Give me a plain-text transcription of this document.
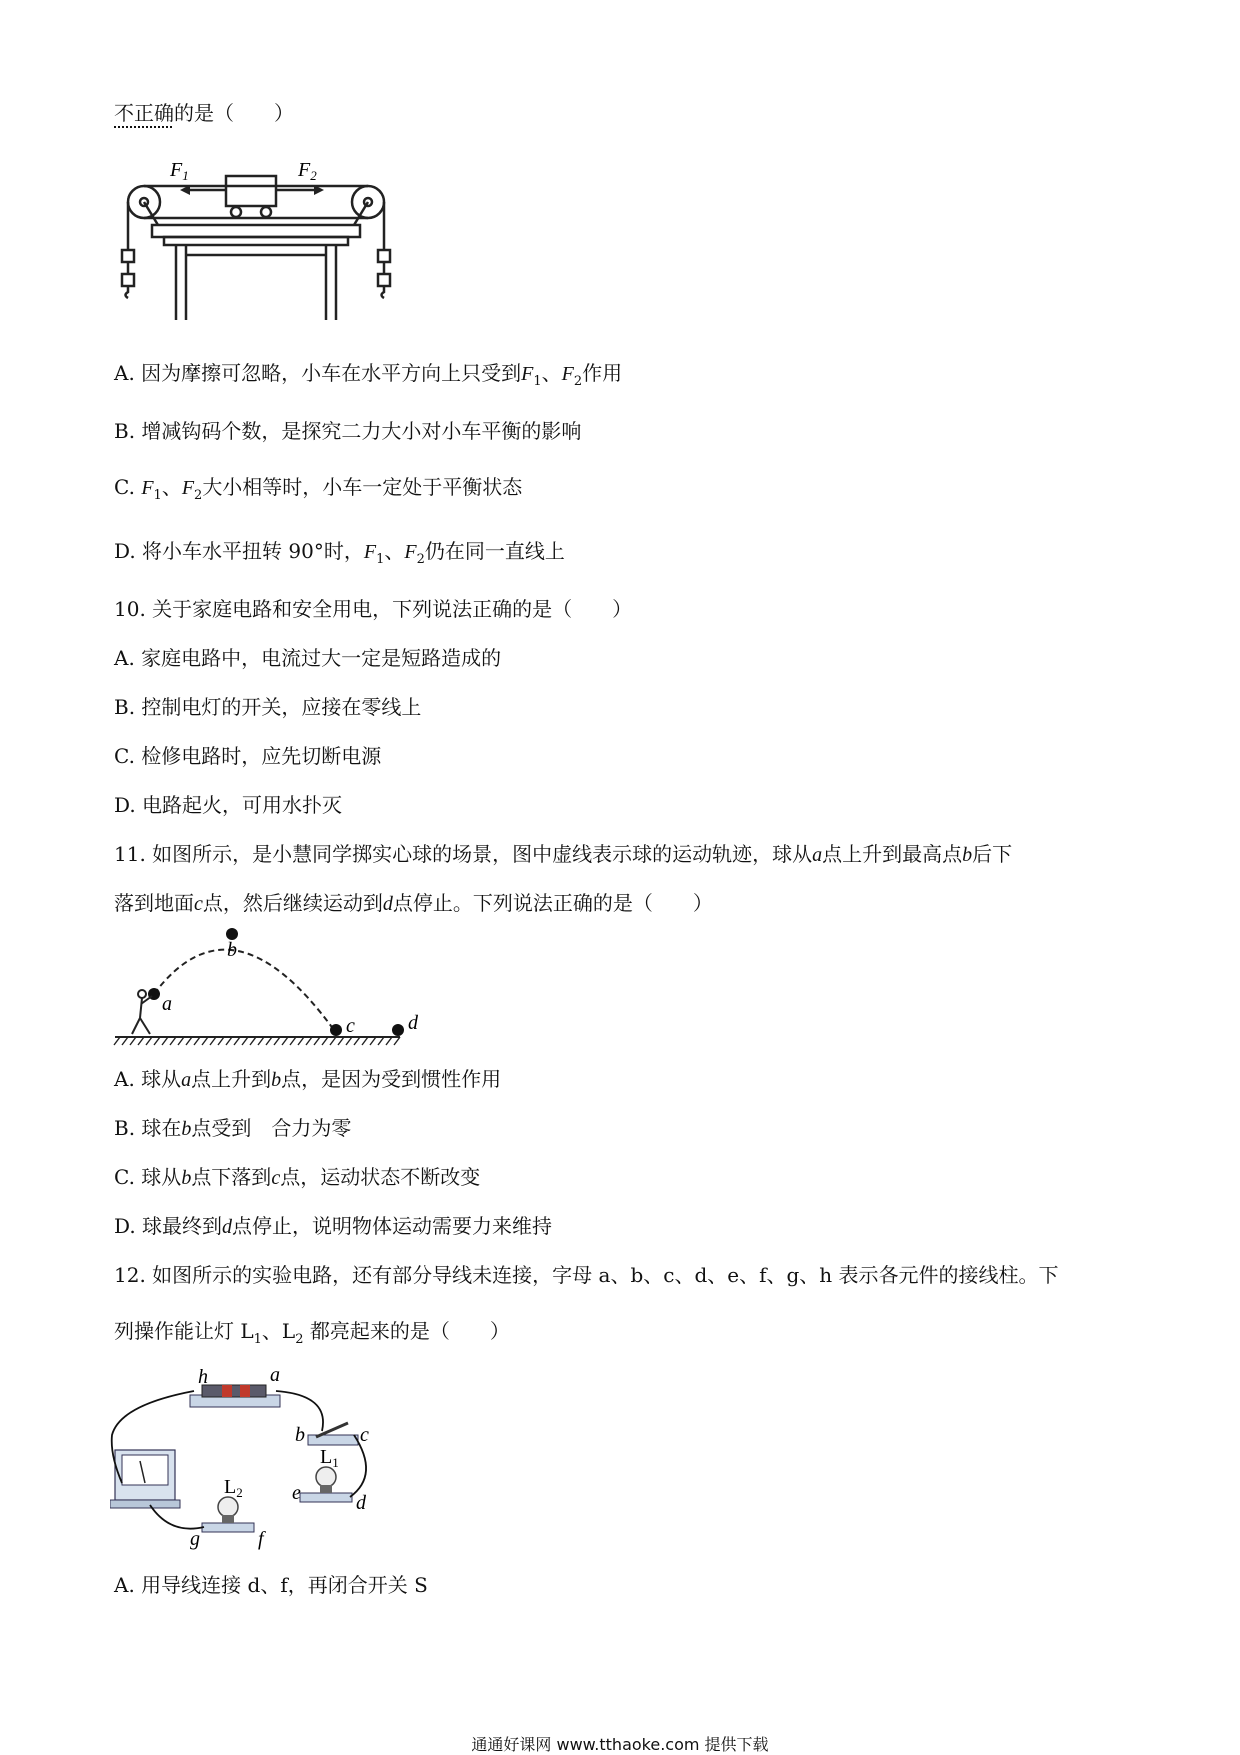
不正确的是（　　）
$F_1$	$F_2$
A. 因为摩擦可忽略，小车在水平方向上只受到$F_1$、$F_2$作用
B. 增减钩码个数，是探究二力大小对小车平衡的影响
C. $F_1$、$F_2$大小相等时，小车一定处于平衡状态
D. 将小车水平扭转 90°时，$F_1$、$F_2$仍在同一直线上
10. 关于家庭电路和安全用电，下列说法正确的是（　　）
A. 家庭电路中，电流过大一定是短路造成的
B. 控制电灯的开关，应接在零线上
C. 检修电路时，应先切断电源
D. 电路起火，可用水扑灭
11. 如图所示，是小慧同学掷实心球的场景，图中虚线表示球的运动轨迹，球从a点上升到最高点b后下
落到地面c点，然后继续运动到d点停止。下列说法正确的是（　　）
a
b
c	d
A. 球从a点上升到b点，是因为受到惯性作用
B. 球在b点受到　合力为零
C. 球从b点下落到c点，运动状态不断改变
D. 球最终到d点停止，说明物体运动需要力来维持
12. 如图所示的实验电路，还有部分导线未连接，字母 a、b、c、d、e、f、g、h 表示各元件的接线柱。下
列操作能让灯 $L_1$、$L_2$ 都亮起来的是（　　）
h	a
b	c
$L_2$
$L_1$
e	d
g	f
A. 用导线连接 d、f，再闭合开关 S
通通好课网 www.tthaoke.com 提供下载
